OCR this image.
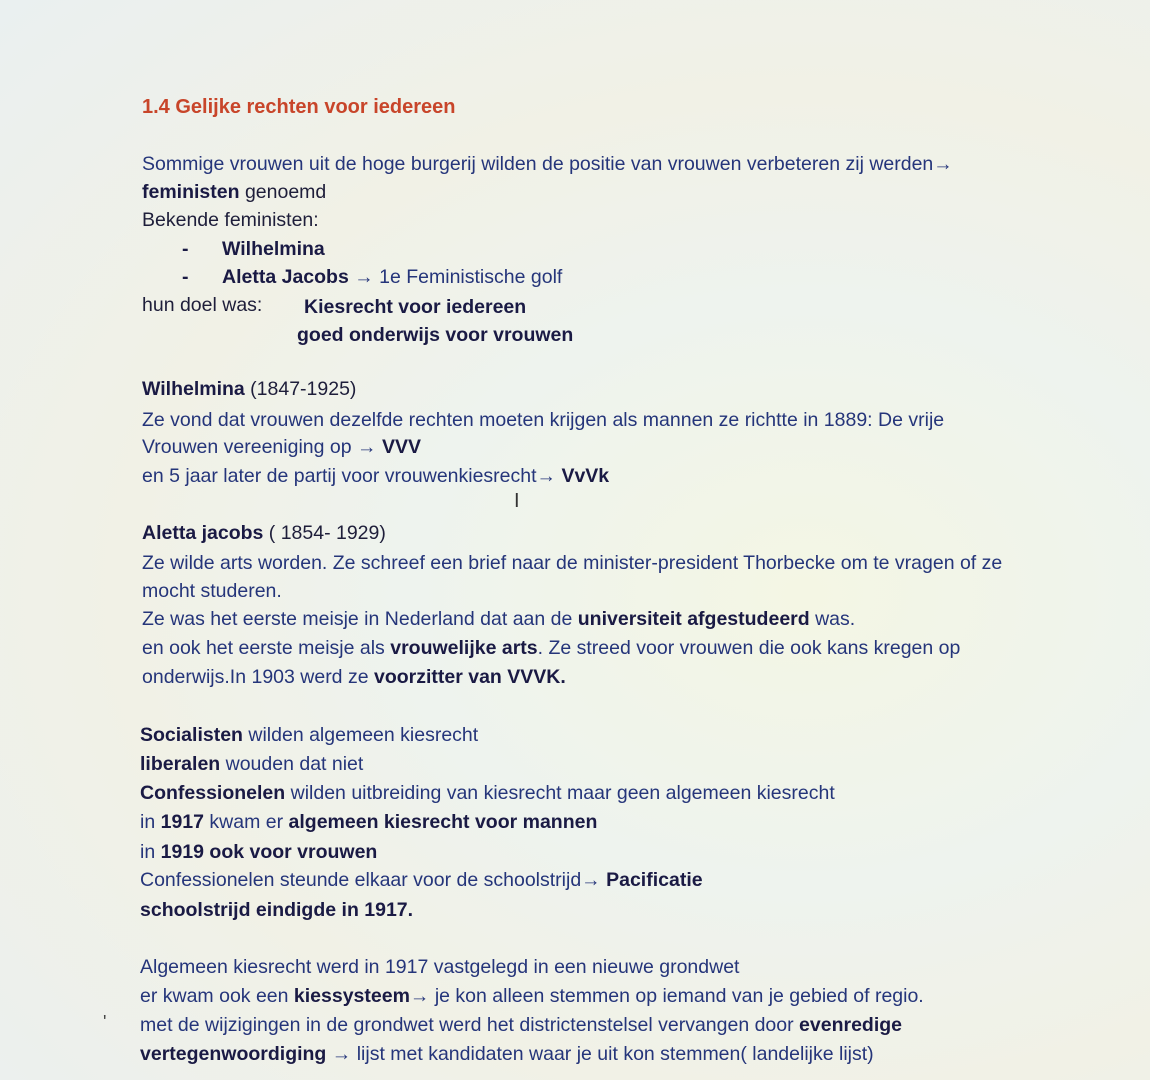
1.4 Gelijke rechten voor iedereen
Sommige vrouwen uit de hoge burgerij wilden de positie van vrouwen verbeteren zij werden→
feministen genoemd
Bekende feministen:
- Wilhelmina
- Aletta Jacobs → 1e Feministische golf
hun doel was: Kiesrecht voor iedereen
goed onderwijs voor vrouwen
Wilhelmina (1847-1925)
Ze vond dat vrouwen dezelfde rechten moeten krijgen als mannen ze richtte in 1889: De vrije
Vrouwen vereeniging op → VVV
en 5 jaar later de partij voor vrouwenkiesrecht→ VvVk
I
Aletta jacobs ( 1854- 1929)
Ze wilde arts worden. Ze schreef een brief naar de minister-president Thorbecke om te vragen of ze
mocht studeren.
Ze was het eerste meisje in Nederland dat aan de universiteit afgestudeerd was.
en ook het eerste meisje als vrouwelijke arts. Ze streed voor vrouwen die ook kans kregen op
onderwijs.In 1903 werd ze voorzitter van VVVK.
Socialisten wilden algemeen kiesrecht
liberalen wouden dat niet
Confessionelen wilden uitbreiding van kiesrecht maar geen algemeen kiesrecht
in 1917 kwam er algemeen kiesrecht voor mannen
in 1919 ook voor vrouwen
Confessionelen steunde elkaar voor de schoolstrijd→ Pacificatie
schoolstrijd eindigde in 1917.
Algemeen kiesrecht werd in 1917 vastgelegd in een nieuwe grondwet
er kwam ook een kiessysteem→ je kon alleen stemmen op iemand van je gebied of regio.
met de wijzigingen in de grondwet werd het districtenstelsel vervangen door evenredige
vertegenwoordiging → lijst met kandidaten waar je uit kon stemmen( landelijke lijst)
'
